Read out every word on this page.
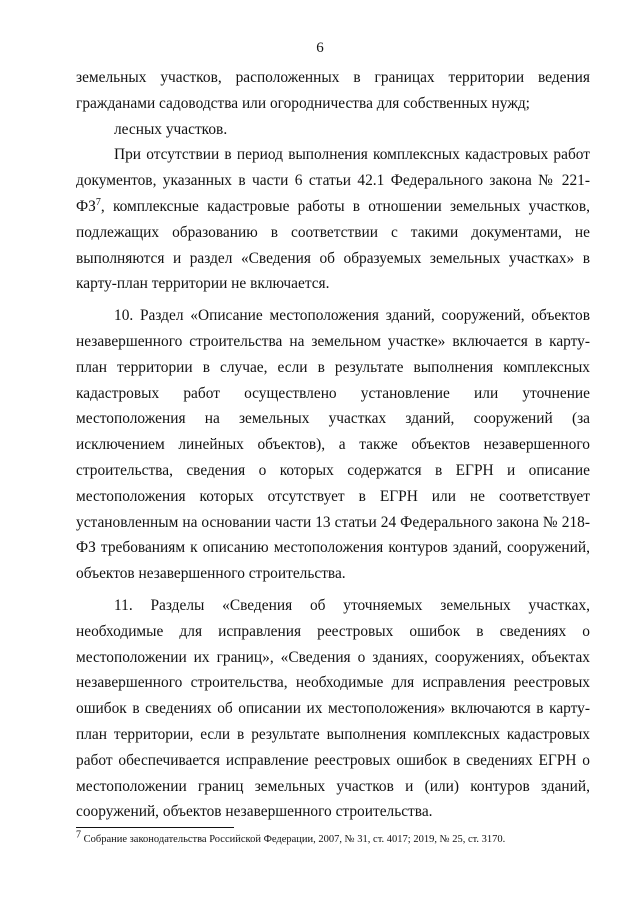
6

земельных участков, расположенных в границах территории ведения гражданами садоводства или огородничества для собственных нужд;

лесных участков.

При отсутствии в период выполнения комплексных кадастровых работ документов, указанных в части 6 статьи 42.1 Федерального закона № $221-ФЗ^7$, комплексные кадастровые работы в отношении земельных участков, подлежащих образованию в соответствии с такими документами, не выполняются и раздел «Сведения об образуемых земельных участках» в карту-план территории не включается.

10. Раздел «Описание местоположения зданий, сооружений, объектов незавершенного строительства на земельном участке» включается в карту-план территории в случае, если в результате выполнения комплексных кадастровых работ осуществлено установление или уточнение местоположения на земельных участках зданий, сооружений (за исключением линейных объектов), а также объектов незавершенного строительства, сведения о которых содержатся в ЕГРН и описание местоположения которых отсутствует в ЕГРН или не соответствует установленным на основании части 13 статьи 24 Федерального закона № 218-ФЗ требованиям к описанию местоположения контуров зданий, сооружений, объектов незавершенного строительства.

11. Разделы «Сведения об уточняемых земельных участках, необходимые для исправления реестровых ошибок в сведениях о местоположении их границ», «Сведения о зданиях, сооружениях, объектах незавершенного строительства, необходимые для исправления реестровых ошибок в сведениях об описании их местоположения» включаются в карту-план территории, если в результате выполнения комплексных кадастровых работ обеспечивается исправление реестровых ошибок в сведениях ЕГРН о местоположении границ земельных участков и (или) контуров зданий, сооружений, объектов незавершенного строительства.

$^7$ Собрание законодательства Российской Федерации, 2007, № 31, ст. 4017; 2019, № 25, ст. 3170.
